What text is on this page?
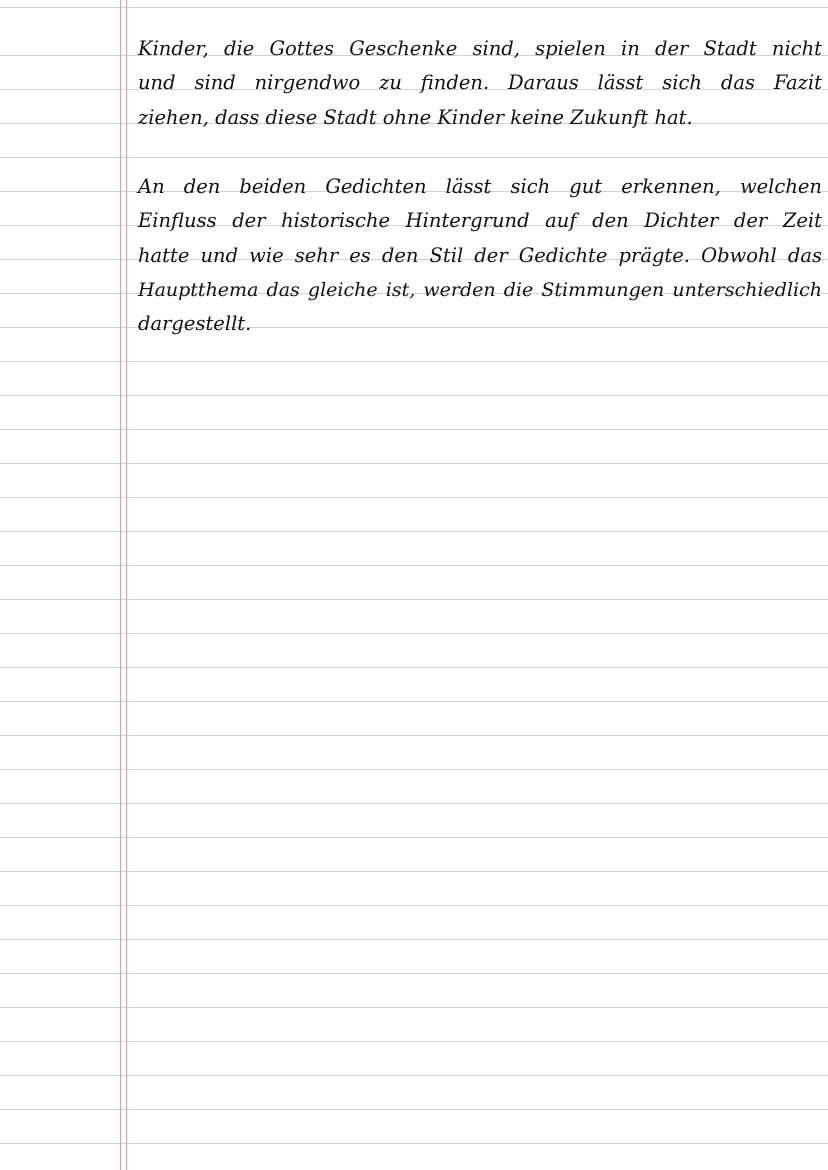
Kinder, die Gottes Geschenke sind, spielen in der Stadt nicht
und sind nirgendwo zu finden. Daraus lässt sich das Fazit
ziehen, dass diese Stadt ohne Kinder keine Zukunft hat.
An den beiden Gedichten lässt sich gut erkennen, welchen
Einfluss der historische Hintergrund auf den Dichter der Zeit
hatte und wie sehr es den Stil der Gedichte prägte. Obwohl das
Hauptthema das gleiche ist, werden die Stimmungen unterschiedlich
dargestellt.
